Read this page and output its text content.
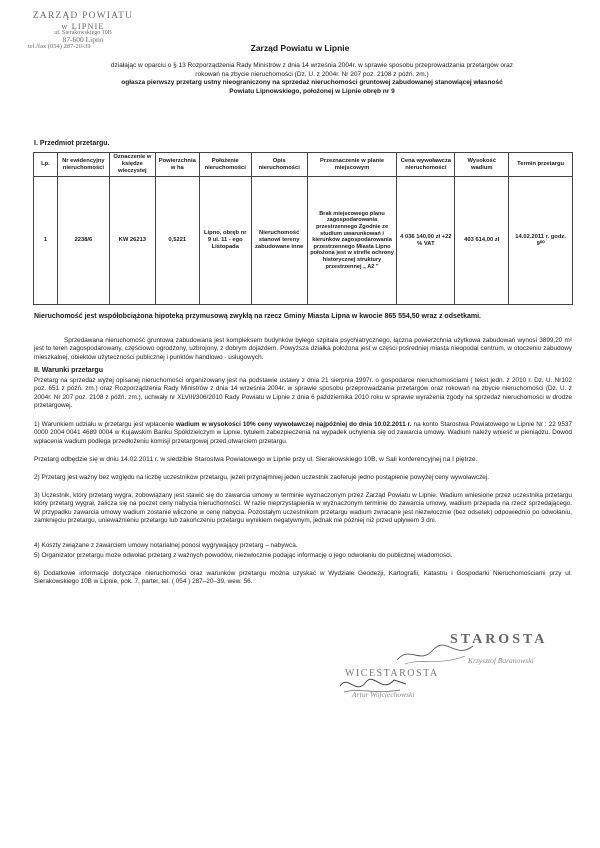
ZARZĄD POWIATU
w LIPNIE
ul. Sierakowskiego 10B
87-600 Lipno
tel./fax (054) 287-20-39	Zarząd Powiatu w Lipnie
działając w oparciu o § 13 Rozporządzenia Rady Ministrów z dnia 14 września 2004r. w sprawie sposobu przeprowadzania przetargów oraz
rokowań na zbycie nieruchomości (Dz. U. z 2004r. Nr 207 poz. 2108 z późń. zm.)
ogłasza pierwszy przetarg ustny nieograniczony na sprzedaż nieruchomości gruntowej zabudowanej stanowiącej własność
Powiatu Lipnowskiego, położonej w Lipnie obręb nr 9
I. Przedmiot przetargu.
Lp.	Nr ewidencyjny nieruchomości	Oznaczenie w księdze wieczystej	Powierzchnia w ha	Położenie nieruchomości	Opis nieruchomości	Przeznaczenie w planie miejscowym	Cena wywoławcza nieruchomości	Wysokość wadium	Termin przetargu
1	2238/6	KW 26213	0,5221	Lipno, obręb nr 9 ul. 11 - ego Listopada	Nieruchomość stanowi tereny zabudowane inne	Brak miejscowego planu zagospodarowania przestrzennego Zgodnie ze studium uwarunkowań i kierunków zagospodarowania przestrzennego Miasta Lipno położona jest w strefie ochrony historycznej struktury przestrzennej „ A2 "	4 036 140,00 zł +22 % VAT	403 614,00 zł	14.02.2011 r. godz. 9⁰⁰
Nieruchomość jest współobciążona hipoteką przymusową zwykłą na rzecz Gminy Miasta Lipna w kwocie 865 554,50 wraz z odsetkami.
Sprzedawana nieruchomość gruntowa zabudowana jest kompleksem budynków byłego szpitala psychiatrycznego, łączna powierzchnia użytkowa zabudowań wynosi 3899,20 m² jest to teren zagospodarowany, częściowo ogrodzony, uzbrojony, z dobrym dojazdem. Powyższa działka położona jest w części pośredniej miasta nieopodal centrum, w otoczeniu zabudowy mieszkalnej, obiektów użyteczności publicznej i punktów handlowo - usługowych.
II. Warunki przetargu
Przetarg na sprzedaż wyżej opisanej nieruchomości organizowany jest na podstawie ustawy z dnia 21 sierpnia 1997r. o gospodarce nieruchomościami ( tekst jedn. z 2010 r. Dz. U. Nr102 poz. 651 z późń. zm.) oraz Rozporządzenia Rady Ministrów z dnia 14 września 2004r. w sprawie sposobu przeprowadzania przetargów oraz rokowań na zbycie nieruchomości (Dz. U. z 2004r. Nr 207 poz. 2108 z późń. zm.), uchwały nr XLVIII/306/2010 Rady Powiatu w Lipnie z dnia 6 października 2010 roku w sprawie wyrażenia zgody na sprzedaż nieruchomości w drodze przetargowej.
1) Warunkiem udziału w przetargu jest wpłacenie wadium w wysokości 10% ceny wywoławczej najpóźniej do dnia 10.02.2011 r. na konto Starostwa Powiatowego w Lipnie Nr : 22 9537 0000 2004 0041 4689 0004 w Kujawskim Banku Spółdzielczym w Lipnie, tytułem zabezpieczenia na wypadek uchylenia się od zawarcia umowy. Wadium należy wnieść w pieniądzu. Dowód wpłacenia wadium podlega przedłożeniu komisji przetargowej przed otwarciem przetargu.
Przetarg odbędzie się w dniu 14.02.2011 r. w siedzibie Starostwa Powiatowego w Lipnie przy ul. Sierakowskiego 10B, w Sali konferencyjnej na I piętrze.
2) Przetarg jest ważny bez względu na liczbę uczestników przetargu, jeżeli przynajmniej jeden uczestnik zaoferuje jedno postąpienie powyżej ceny wywoławczej.
3) Uczestnik, który przetarg wygra, zobowiązany jest stawić się do zawarcia umowy w terminie wyznaczonym przez Zarząd Powiatu w Lipnie. Wadium wniesione przez uczestnika przetargu który przetarg wygrał, zalicza się na poczet ceny nabycia nieruchomości. W razie nieprzystąpienia w wyznaczonym terminie do zawarcia umowy, wadium przepada na rzecz sprzedającego. W przypadku zawarcia umowy wadium zostanie wliczone w cenę nabycia. Pozostałym uczestnikom przetargu wadium zwracane jest niezwłocznie (bez odsetek) odpowiednio po odwołaniu, zamknięciu przetargu, unieważnieniu przetargu lub zakończeniu przetargu wynikiem negatywnym, jednak nie później niż przed upływem 3 dni.
4) Koszty związane z zawarciem umowy notarialnej ponosi wygrywający przetarg – nabywca.
5) Organizator przetargu może odwołać przetarg z ważnych powodów, niezwłocznie podając informację o jego odwołaniu do publicznej wiadomości.
6) Dodatkowe informacje dotyczące nieruchomości oraz warunków przetargu można uzyskać w Wydziale Geodezji, Kartografii, Katastru i Gospodarki Nieruchomościami przy ul. Sierakowskiego 10B w Lipnie, pok. 7, parter, tel. ( 054 ) 287–20–39, wew. 56.
STAROSTA
Krzysztof Baranowski
WICESTAROSTA
Artur Wojciechowski
